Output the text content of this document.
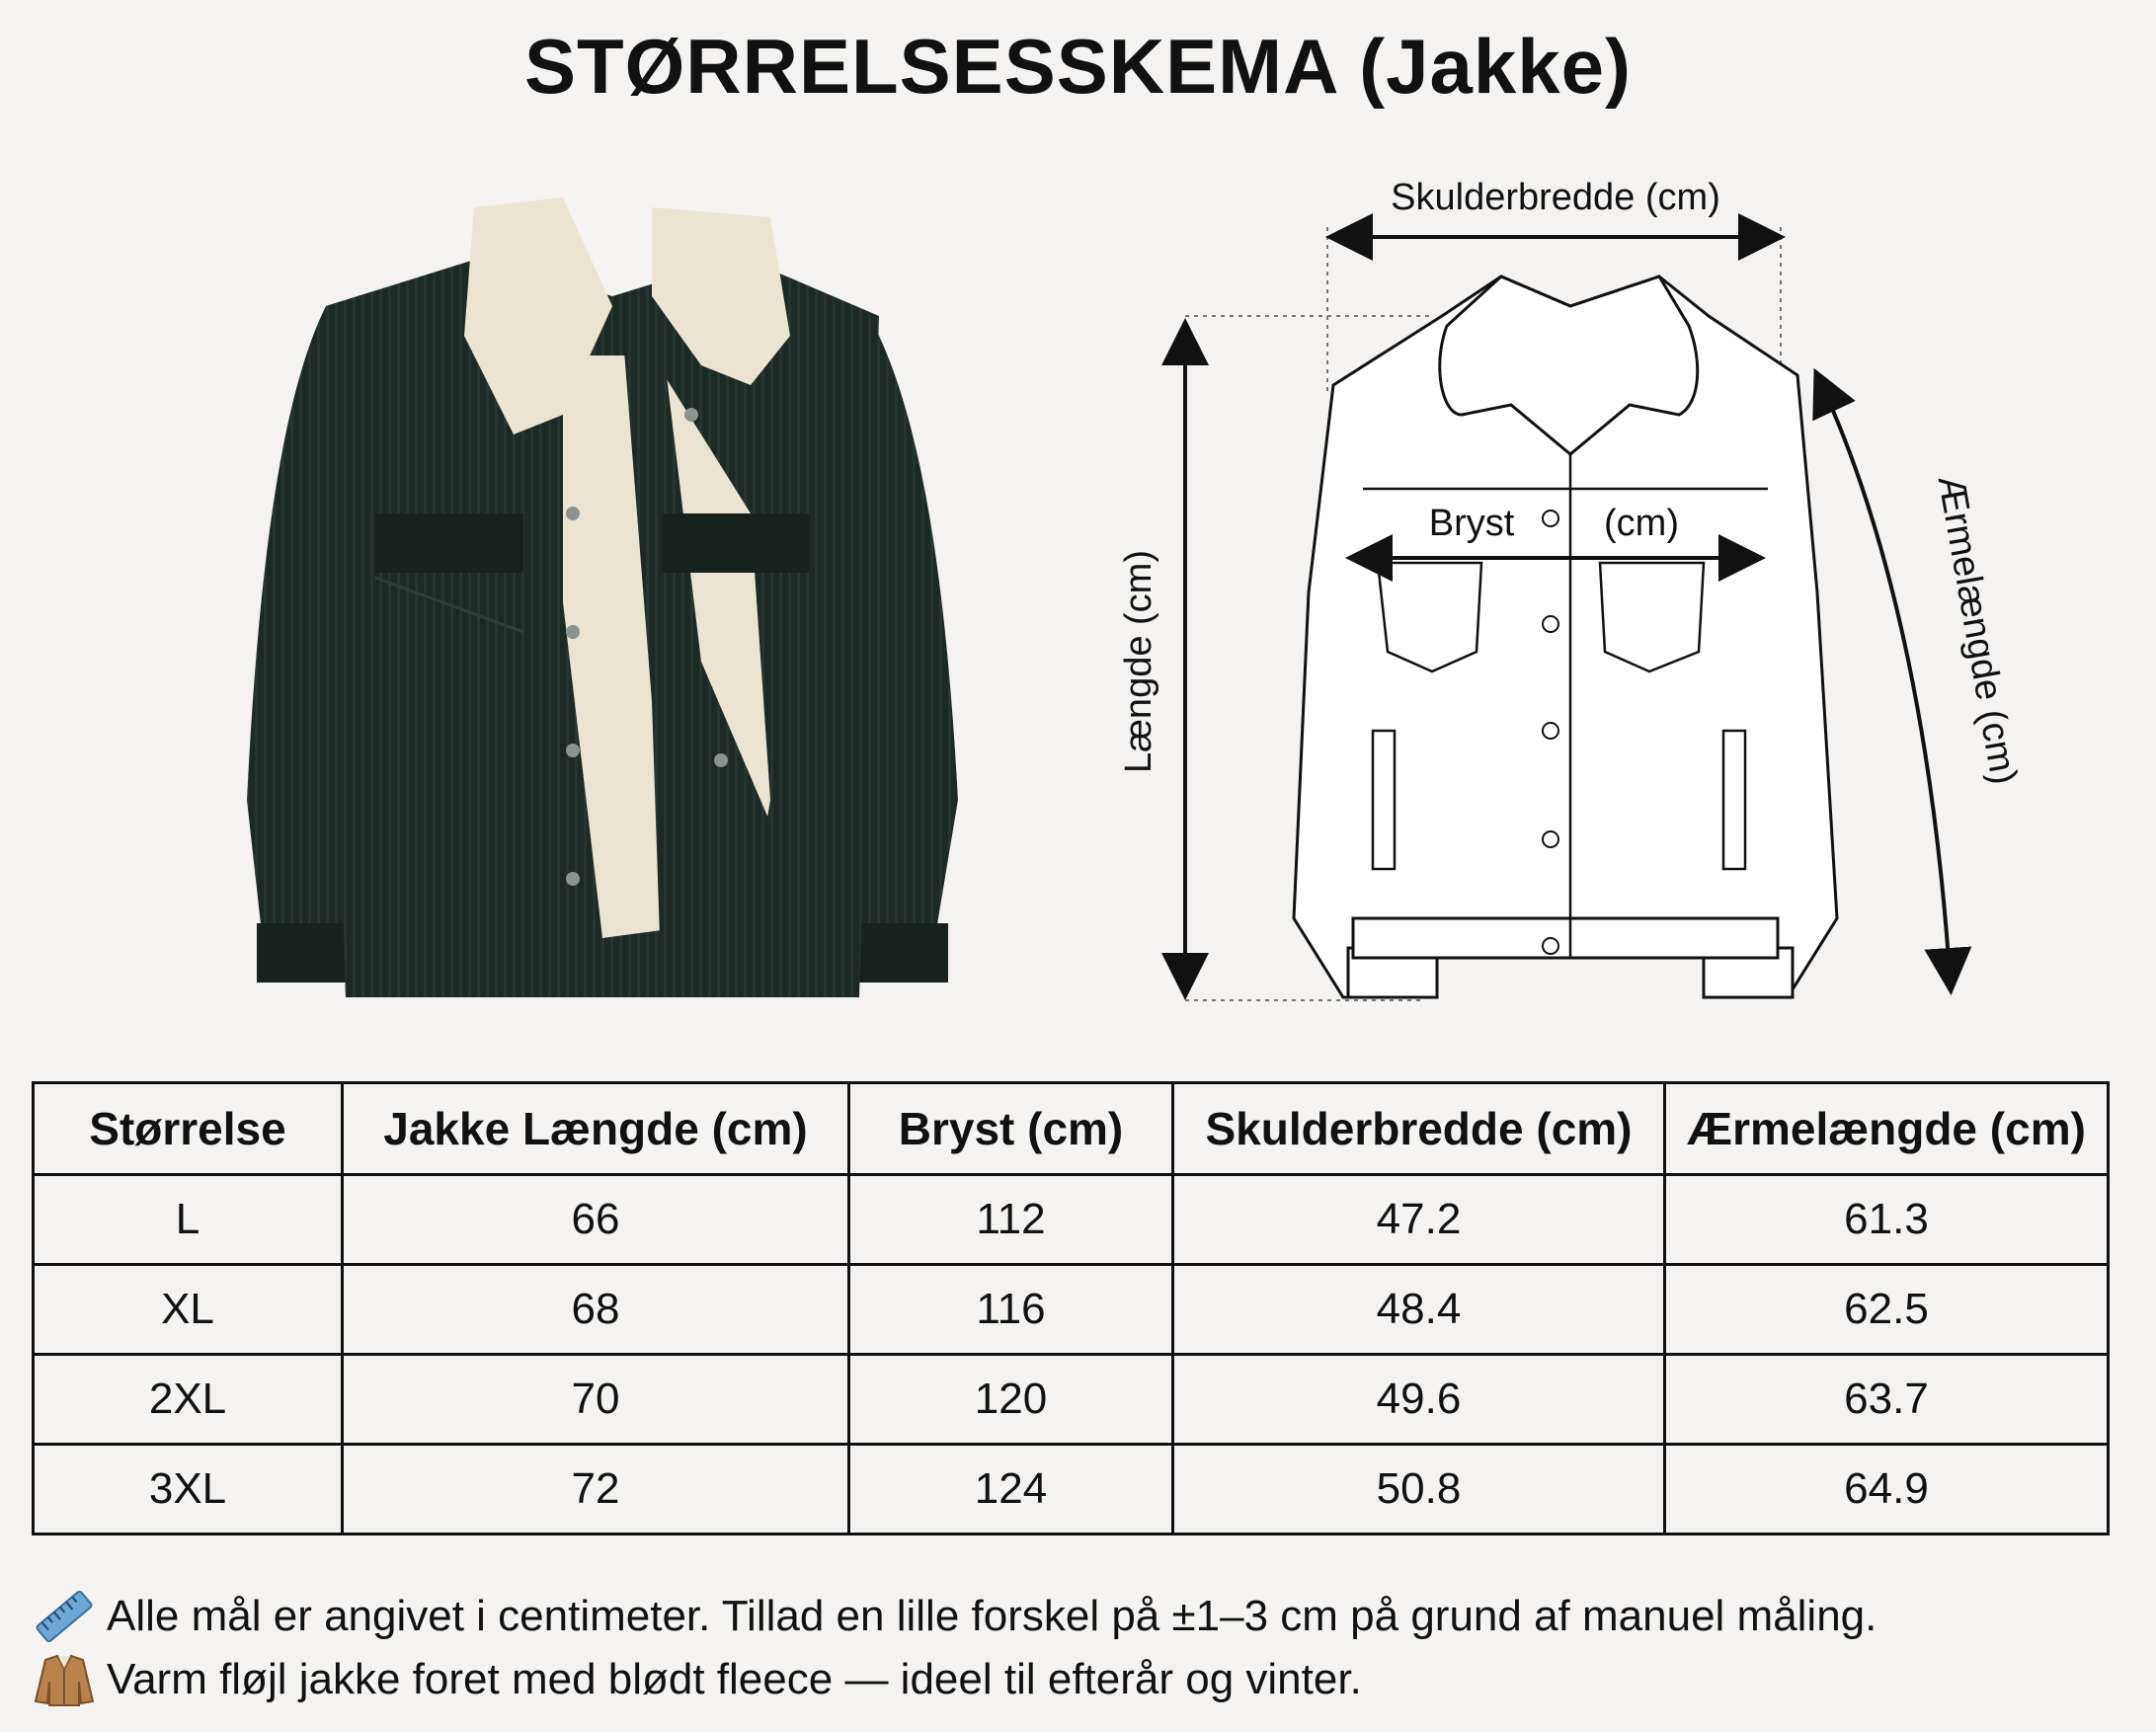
STØRRELSESSKEMA (Jakke)
Skulderbredde (cm)
Længde (cm)
Bryst (cm)	Ærmelængde (cm)
Størrelse	Jakke Længde (cm)	Bryst (cm)	Skulderbredde (cm)	Ærmelængde (cm)
L	66	112	47.2	61.3
XL	68	116	48.4	62.5
2XL	70	120	49.6	63.7
3XL	72	124	50.8	64.9
Alle mål er angivet i centimeter. Tillad en lille forskel på ±1–3 cm på grund af manuel måling.
Varm fløjl jakke foret med blødt fleece — ideel til efterår og vinter.
